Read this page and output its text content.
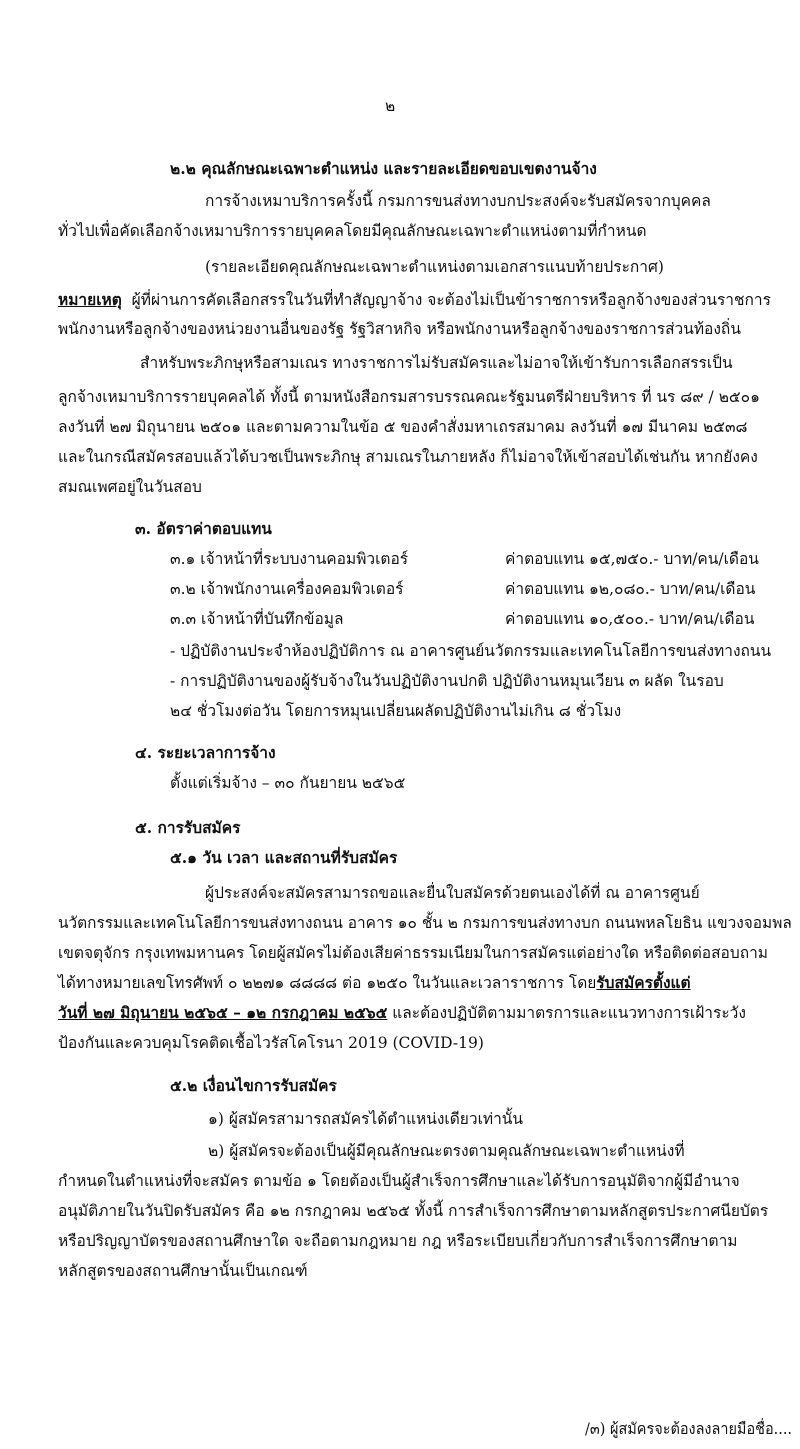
๒
๒.๒ คุณลักษณะเฉพาะตำแหน่ง และรายละเอียดขอบเขตงานจ้าง
การจ้างเหมาบริการครั้งนี้ กรมการขนส่งทางบกประสงค์จะรับสมัครจากบุคคล
ทั่วไปเพื่อคัดเลือกจ้างเหมาบริการรายบุคคลโดยมีคุณลักษณะเฉพาะตำแหน่งตามที่กำหนด
(รายละเอียดคุณลักษณะเฉพาะตำแหน่งตามเอกสารแนบท้ายประกาศ)
หมายเหตุ ผู้ที่ผ่านการคัดเลือกสรรในวันที่ทำสัญญาจ้าง จะต้องไม่เป็นข้าราชการหรือลูกจ้างของส่วนราชการ
พนักงานหรือลูกจ้างของหน่วยงานอื่นของรัฐ รัฐวิสาหกิจ หรือพนักงานหรือลูกจ้างของราชการส่วนท้องถิ่น
สำหรับพระภิกษุหรือสามเณร ทางราชการไม่รับสมัครและไม่อาจให้เข้ารับการเลือกสรรเป็น
ลูกจ้างเหมาบริการรายบุคคลได้ ทั้งนี้ ตามหนังสือกรมสารบรรณคณะรัฐมนตรีฝ่ายบริหาร ที่ นร ๘๙ / ๒๕๐๑
ลงวันที่ ๒๗ มิถุนายน ๒๕๐๑ และตามความในข้อ ๕ ของคำสั่งมหาเถรสมาคม ลงวันที่ ๑๗ มีนาคม ๒๕๓๘
และในกรณีสมัครสอบแล้วได้บวชเป็นพระภิกษุ สามเณรในภายหลัง ก็ไม่อาจให้เข้าสอบได้เช่นกัน หากยังคง
สมณเพศอยู่ในวันสอบ
๓. อัตราค่าตอบแทน
๓.๑ เจ้าหน้าที่ระบบงานคอมพิวเตอร์	ค่าตอบแทน ๑๕,๗๕๐.- บาท/คน/เดือน
๓.๒ เจ้าพนักงานเครื่องคอมพิวเตอร์	ค่าตอบแทน ๑๒,๐๘๐.- บาท/คน/เดือน
๓.๓ เจ้าหน้าที่บันทึกข้อมูล	ค่าตอบแทน ๑๐,๕๐๐.- บาท/คน/เดือน
- ปฏิบัติงานประจำห้องปฏิบัติการ ณ อาคารศูนย์นวัตกรรมและเทคโนโลยีการขนส่งทางถนน
- การปฏิบัติงานของผู้รับจ้างในวันปฏิบัติงานปกติ ปฏิบัติงานหมุนเวียน ๓ ผลัด ในรอบ
๒๔ ชั่วโมงต่อวัน โดยการหมุนเปลี่ยนผลัดปฏิบัติงานไม่เกิน ๘ ชั่วโมง
๔. ระยะเวลาการจ้าง
ตั้งแต่เริ่มจ้าง – ๓๐ กันยายน ๒๕๖๕
๕. การรับสมัคร
๕.๑ วัน เวลา และสถานที่รับสมัคร
ผู้ประสงค์จะสมัครสามารถขอและยื่นใบสมัครด้วยตนเองได้ที่ ณ อาคารศูนย์
นวัตกรรมและเทคโนโลยีการขนส่งทางถนน อาคาร ๑๐ ชั้น ๒ กรมการขนส่งทางบก ถนนพหลโยธิน แขวงจอมพล
เขตจตุจักร กรุงเทพมหานคร โดยผู้สมัครไม่ต้องเสียค่าธรรมเนียมในการสมัครแต่อย่างใด หรือติดต่อสอบถาม
ได้ทางหมายเลขโทรศัพท์ ๐ ๒๒๗๑ ๘๘๘๘ ต่อ ๑๒๕๐ ในวันและเวลาราชการ โดยรับสมัครตั้งแต่
วันที่ ๒๗ มิถุนายน ๒๕๖๕ – ๑๒ กรกฎาคม ๒๕๖๕ และต้องปฏิบัติตามมาตรการและแนวทางการเฝ้าระวัง
ป้องกันและควบคุมโรคติดเชื้อไวรัสโคโรนา 2019 (COVID-19)
๕.๒ เงื่อนไขการรับสมัคร
๑) ผู้สมัครสามารถสมัครได้ตำแหน่งเดียวเท่านั้น
๒) ผู้สมัครจะต้องเป็นผู้มีคุณลักษณะตรงตามคุณลักษณะเฉพาะตำแหน่งที่
กำหนดในตำแหน่งที่จะสมัคร ตามข้อ ๑ โดยต้องเป็นผู้สำเร็จการศึกษาและได้รับการอนุมัติจากผู้มีอำนาจ
อนุมัติภายในวันปิดรับสมัคร คือ ๑๒ กรกฎาคม ๒๕๖๕ ทั้งนี้ การสำเร็จการศึกษาตามหลักสูตรประกาศนียบัตร
หรือปริญญาบัตรของสถานศึกษาใด จะถือตามกฎหมาย กฎ หรือระเบียบเกี่ยวกับการสำเร็จการศึกษาตาม
หลักสูตรของสถานศึกษานั้นเป็นเกณฑ์
/๓) ผู้สมัครจะต้องลงลายมือชื่อ....
